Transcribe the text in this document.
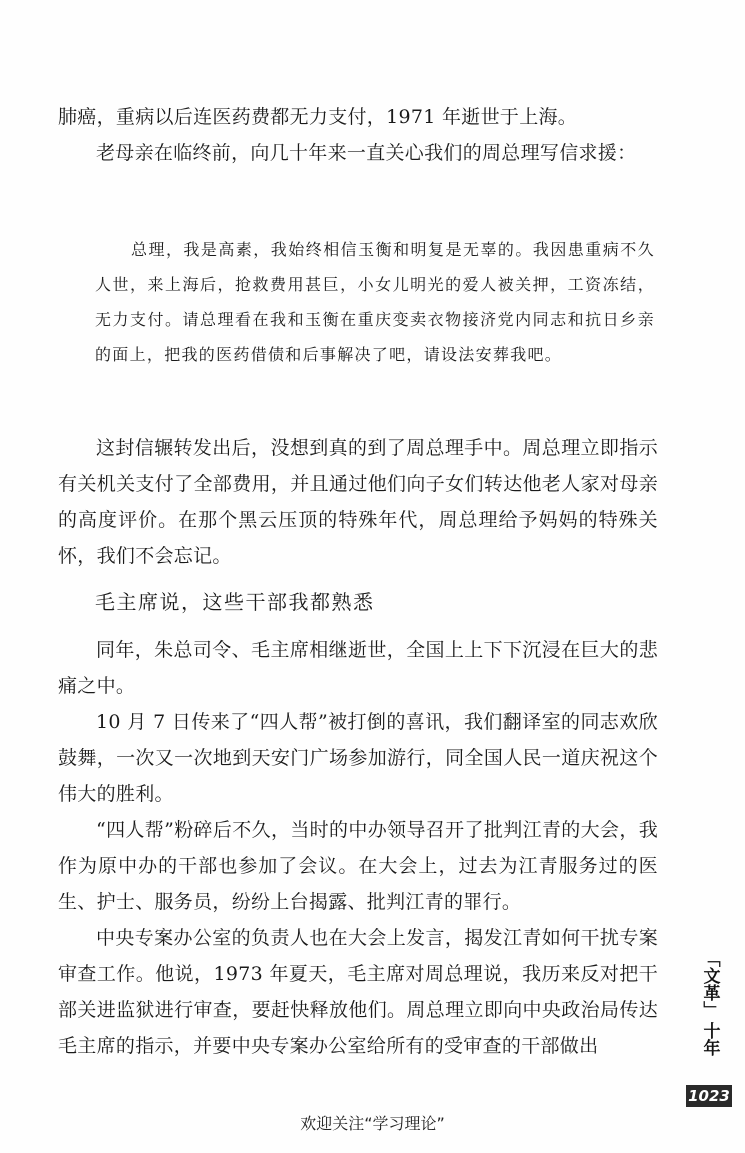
肺癌，重病以后连医药费都无力支付，1971 年逝世于上海。

老母亲在临终前，向几十年来一直关心我们的周总理写信求援：

总理，我是高素，我始终相信玉衡和明复是无辜的。我因患重病不久人世，来上海后，抢救费用甚巨，小女儿明光的爱人被关押，工资冻结，无力支付。请总理看在我和玉衡在重庆变卖衣物接济党内同志和抗日乡亲的面上，把我的医药借债和后事解决了吧，请设法安葬我吧。

这封信辗转发出后，没想到真的到了周总理手中。周总理立即指示有关机关支付了全部费用，并且通过他们向子女们转达他老人家对母亲的高度评价。在那个黑云压顶的特殊年代，周总理给予妈妈的特殊关怀，我们不会忘记。

毛主席说，这些干部我都熟悉

同年，朱总司令、毛主席相继逝世，全国上上下下沉浸在巨大的悲痛之中。

10 月 7 日传来了“四人帮”被打倒的喜讯，我们翻译室的同志欢欣鼓舞，一次又一次地到天安门广场参加游行，同全国人民一道庆祝这个伟大的胜利。

“四人帮”粉碎后不久，当时的中办领导召开了批判江青的大会，我作为原中办的干部也参加了会议。在大会上，过去为江青服务过的医生、护士、服务员，纷纷上台揭露、批判江青的罪行。

中央专案办公室的负责人也在大会上发言，揭发江青如何干扰专案审查工作。他说，1973 年夏天，毛主席对周总理说，我历来反对把干部关进监狱进行审查，要赶快释放他们。周总理立即向中央政治局传达毛主席的指示，并要中央专案办公室给所有的受审查的干部做出

「文革」
十年
1023
欢迎关注“学习理论”
